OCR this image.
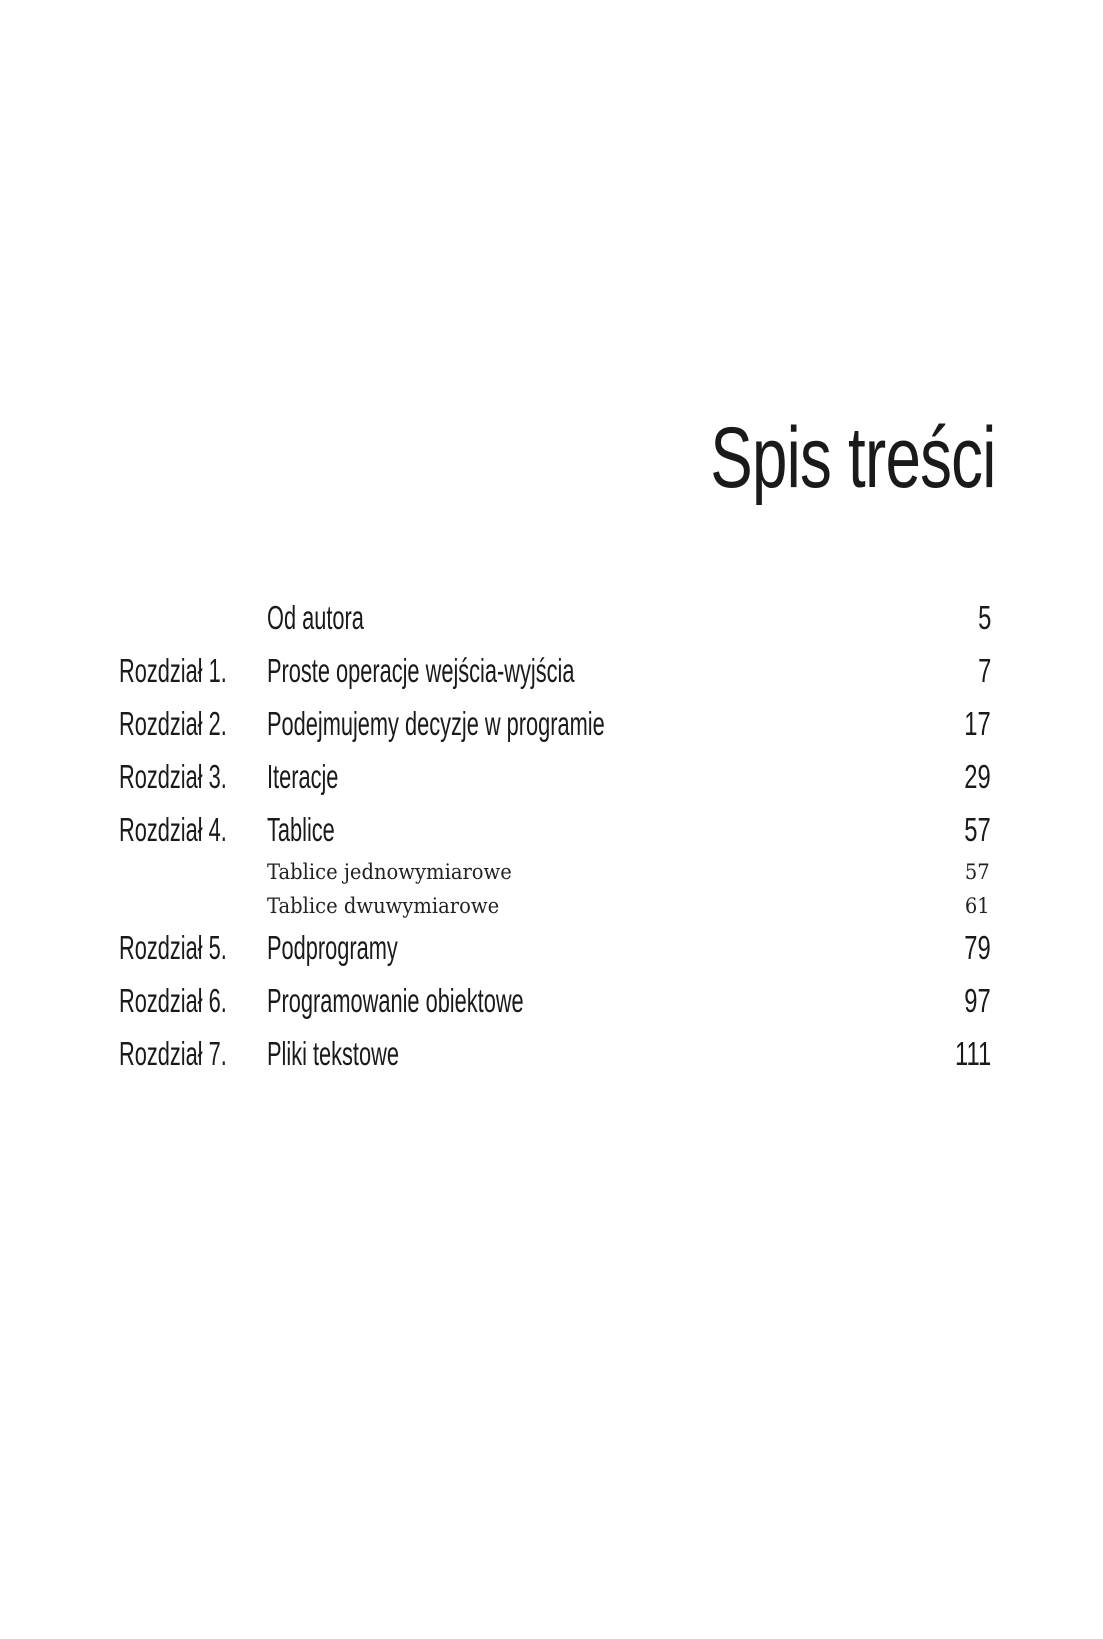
Spis treści
Od autora	5
Rozdział 1. Proste operacje wejścia-wyjścia	7
Rozdział 2. Podejmujemy decyzje w programie	17
Rozdział 3. Iteracje	29
Rozdział 4. Tablice	57
Tablice jednowymiarowe	57
Tablice dwuwymiarowe	61
Rozdział 5. Podprogramy	79
Rozdział 6. Programowanie obiektowe	97
Rozdział 7. Pliki tekstowe	111
